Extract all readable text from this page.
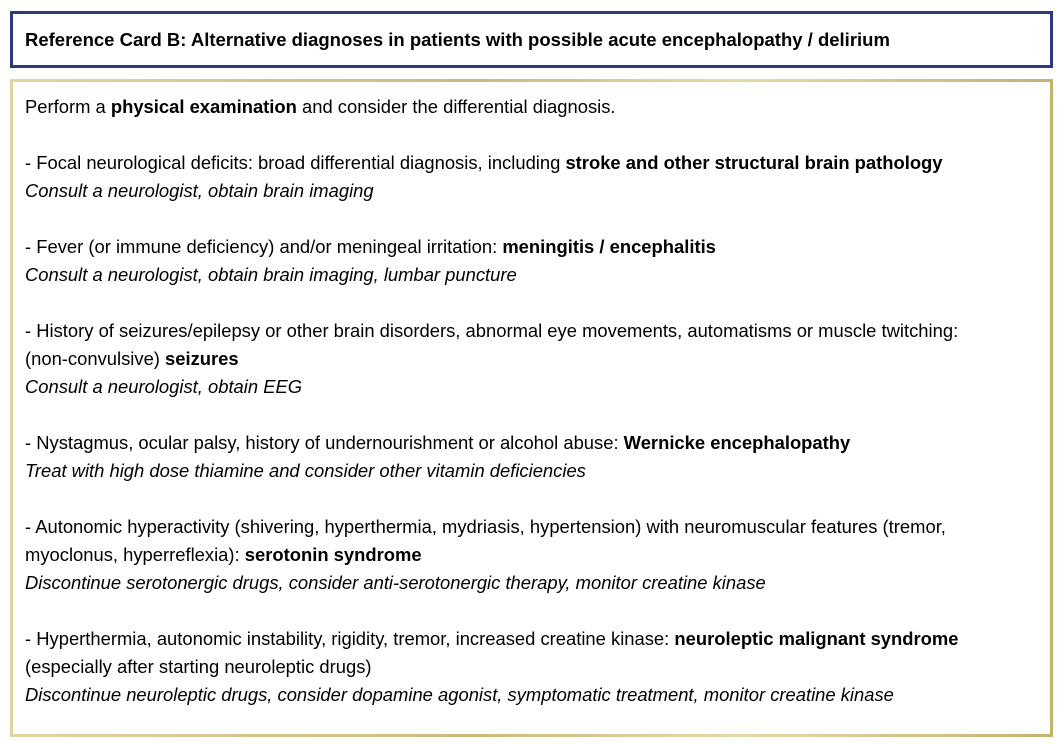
Reference Card B: Alternative diagnoses in patients with possible acute encephalopathy / delirium
Perform a physical examination and consider the differential diagnosis.
- Focal neurological deficits: broad differential diagnosis, including stroke and other structural brain pathology
Consult a neurologist, obtain brain imaging
- Fever (or immune deficiency) and/or meningeal irritation: meningitis / encephalitis
Consult a neurologist, obtain brain imaging, lumbar puncture
- History of seizures/epilepsy or other brain disorders, abnormal eye movements, automatisms or muscle twitching:
(non-convulsive) seizures
Consult a neurologist, obtain EEG
- Nystagmus, ocular palsy, history of undernourishment or alcohol abuse: Wernicke encephalopathy
Treat with high dose thiamine and consider other vitamin deficiencies
- Autonomic hyperactivity (shivering, hyperthermia, mydriasis, hypertension) with neuromuscular features (tremor,
myoclonus, hyperreflexia): serotonin syndrome
Discontinue serotonergic drugs, consider anti-serotonergic therapy, monitor creatine kinase
- Hyperthermia, autonomic instability, rigidity, tremor, increased creatine kinase: neuroleptic malignant syndrome
(especially after starting neuroleptic drugs)
Discontinue neuroleptic drugs, consider dopamine agonist, symptomatic treatment, monitor creatine kinase
